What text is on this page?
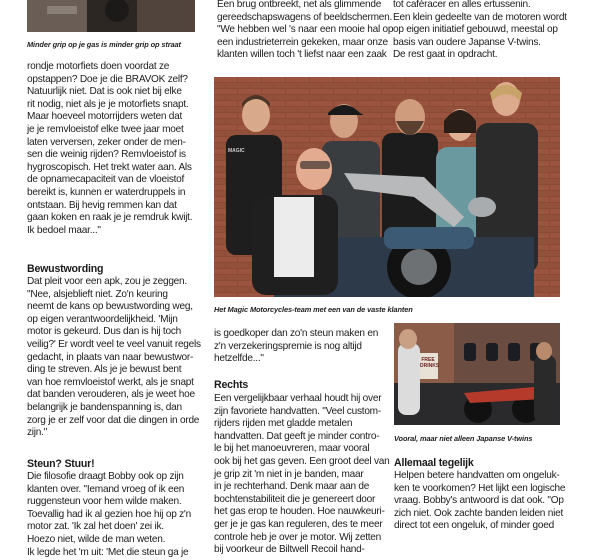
Minder grip op je gas is minder grip op straat
rondje motorfiets doen voordat ze
opstappen? Doe je die BRAVOK zelf?
Natuurlijk niet. Dat is ook niet bij elke
rit nodig, niet als je je motorfiets snapt.
Maar hoeveel motorrijders weten dat
je je remvloeistof elke twee jaar moet
laten verversen, zeker onder de men-
sen die weinig rijden? Remvloeistof is
hygroscopisch. Het trekt water aan. Als
de opnamecapaciteit van de vloeistof
bereikt is, kunnen er waterdruppels in
ontstaan. Bij hevig remmen kan dat
gaan koken en raak je je remdruk kwijt.
Ik bedoel maar..."
Bewustwording
Dat pleit voor een apk, zou je zeggen.
"Nee, alsjeblieft niet. Zo'n keuring
neemt de kans op bewustwording weg,
op eigen verantwoordelijkheid. 'Mijn
motor is gekeurd. Dus dan is hij toch
veilig?' Er wordt veel te veel vanuit regels
gedacht, in plaats van naar bewustwor-
ding te streven. Als je je bewust bent
van hoe remvloeistof werkt, als je snapt
dat banden verouderen, als je weet hoe
belangrijk je bandenspanning is, dan
zorg je er zelf voor dat die dingen in orde
zijn."
Steun? Stuur!
Die filosofie draagt Bobby ook op zijn
klanten over. "Iemand vroeg of ik een
ruggensteun voor hem wilde maken.
Toevallig had ik al gezien hoe hij op z'n
motor zat. 'Ik zal het doen' zei ik.
Hoezo niet, wilde de man weten.
Ik legde het 'm uit: 'Met die steun ga je
Een brug ontbreekt, net als glimmende
gereedschapswagens of beeldschermen.
"We hebben wel 's naar een mooie hal op
een industrieterrein gekeken, maar onze
klanten willen toch 't liefst naar een zaak
tot caféracer en alles ertussenin.
Een klein gedeelte van de motoren wordt
op eigen initiatief gebouwd, meestal op
basis van oudere Japanse V-twins.
De rest gaat in opdracht.
Het Magic Motorcycles-team met een van de vaste klanten
is goedkoper dan zo'n steun maken en
z'n verzekeringspremie is nog altijd
hetzelfde..."
Rechts
Een vergelijkbaar verhaal houdt hij over
zijn favoriete handvatten. "Veel custom-
rijders rijden met gladde metalen
handvatten. Dat geeft je minder contro-
le bij het manoeuvreren, maar vooral
ook bij het gas geven. Een groot deel van
je grip zit 'm niet in je banden, maar
in je rechterhand. Denk maar aan de
bochtenstabiliteit die je genereert door
het gas erop te houden. Hoe nauwkeuri-
ger je je gas kan reguleren, des te meer
controle heb je over je motor. Wij zetten
bij voorkeur de Biltwell Recoil hand-
FREE DRINKS
Vooral, maar niet alleen Japanse V-twins
Allemaal tegelijk
Helpen betere handvatten om ongeluk-
ken te voorkomen? Het lijkt een logische
vraag. Bobby's antwoord is dat ook. "Op
zich niet. Ook zachte banden leiden niet
direct tot een ongeluk, of minder goed
MAGIC
